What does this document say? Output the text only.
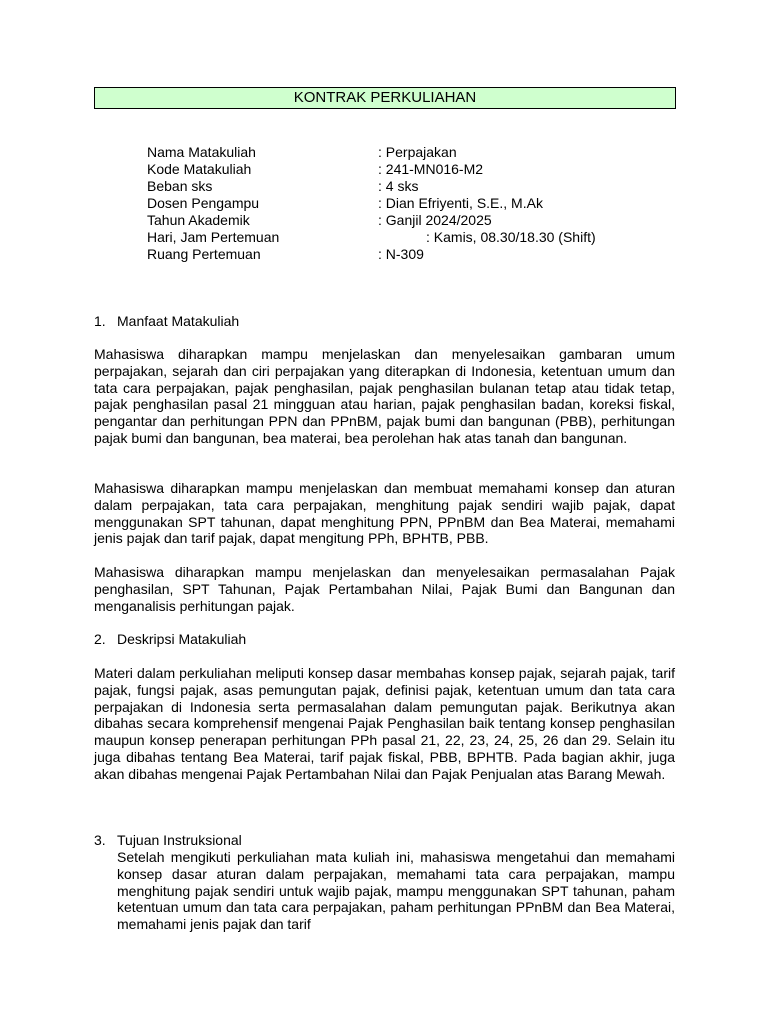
KONTRAK PERKULIAHAN
Nama Matakuliah	: Perpajakan
Kode Matakuliah	: 241-MN016-M2
Beban sks	: 4 sks
Dosen Pengampu	: Dian Efriyenti, S.E., M.Ak
Tahun Akademik	: Ganjil 2024/2025
Hari, Jam Pertemuan	: Kamis, 08.30/18.30 (Shift)
Ruang Pertemuan	: N-309
1. Manfaat Matakuliah

Mahasiswa diharapkan mampu menjelaskan dan menyelesaikan gambaran umum perpajakan, sejarah dan ciri perpajakan yang diterapkan di Indonesia, ketentuan umum dan tata cara perpajakan, pajak penghasilan, pajak penghasilan bulanan tetap atau tidak tetap, pajak penghasilan pasal 21 mingguan atau harian, pajak penghasilan badan, koreksi fiskal, pengantar dan perhitungan PPN dan PPnBM, pajak bumi dan bangunan (PBB), perhitungan pajak bumi dan bangunan, bea materai, bea perolehan hak atas tanah dan bangunan.

Mahasiswa diharapkan mampu menjelaskan dan membuat memahami konsep dan aturan dalam perpajakan, tata cara perpajakan, menghitung pajak sendiri wajib pajak, dapat menggunakan SPT tahunan, dapat menghitung PPN, PPnBM dan Bea Materai, memahami jenis pajak dan tarif pajak, dapat mengitung PPh, BPHTB, PBB.

Mahasiswa diharapkan mampu menjelaskan dan menyelesaikan permasalahan Pajak penghasilan, SPT Tahunan, Pajak Pertambahan Nilai, Pajak Bumi dan Bangunan dan menganalisis perhitungan pajak.

2. Deskripsi Matakuliah

Materi dalam perkuliahan meliputi konsep dasar membahas konsep pajak, sejarah pajak, tarif pajak, fungsi pajak, asas pemungutan pajak, definisi pajak, ketentuan umum dan tata cara perpajakan di Indonesia serta permasalahan dalam pemungutan pajak. Berikutnya akan dibahas secara komprehensif mengenai Pajak Penghasilan baik tentang konsep penghasilan maupun konsep penerapan perhitungan PPh pasal 21, 22, 23, 24, 25, 26 dan 29. Selain itu juga dibahas tentang Bea Materai, tarif pajak fiskal, PBB, BPHTB. Pada bagian akhir, juga akan dibahas mengenai Pajak Pertambahan Nilai dan Pajak Penjualan atas Barang Mewah.

3. Tujuan Instruksional

Setelah mengikuti perkuliahan mata kuliah ini, mahasiswa mengetahui dan memahami konsep dasar aturan dalam perpajakan, memahami tata cara perpajakan, mampu menghitung pajak sendiri untuk wajib pajak, mampu menggunakan SPT tahunan, paham ketentuan umum dan tata cara perpajakan, paham perhitungan PPnBM dan Bea Materai, memahami jenis pajak dan tarif
